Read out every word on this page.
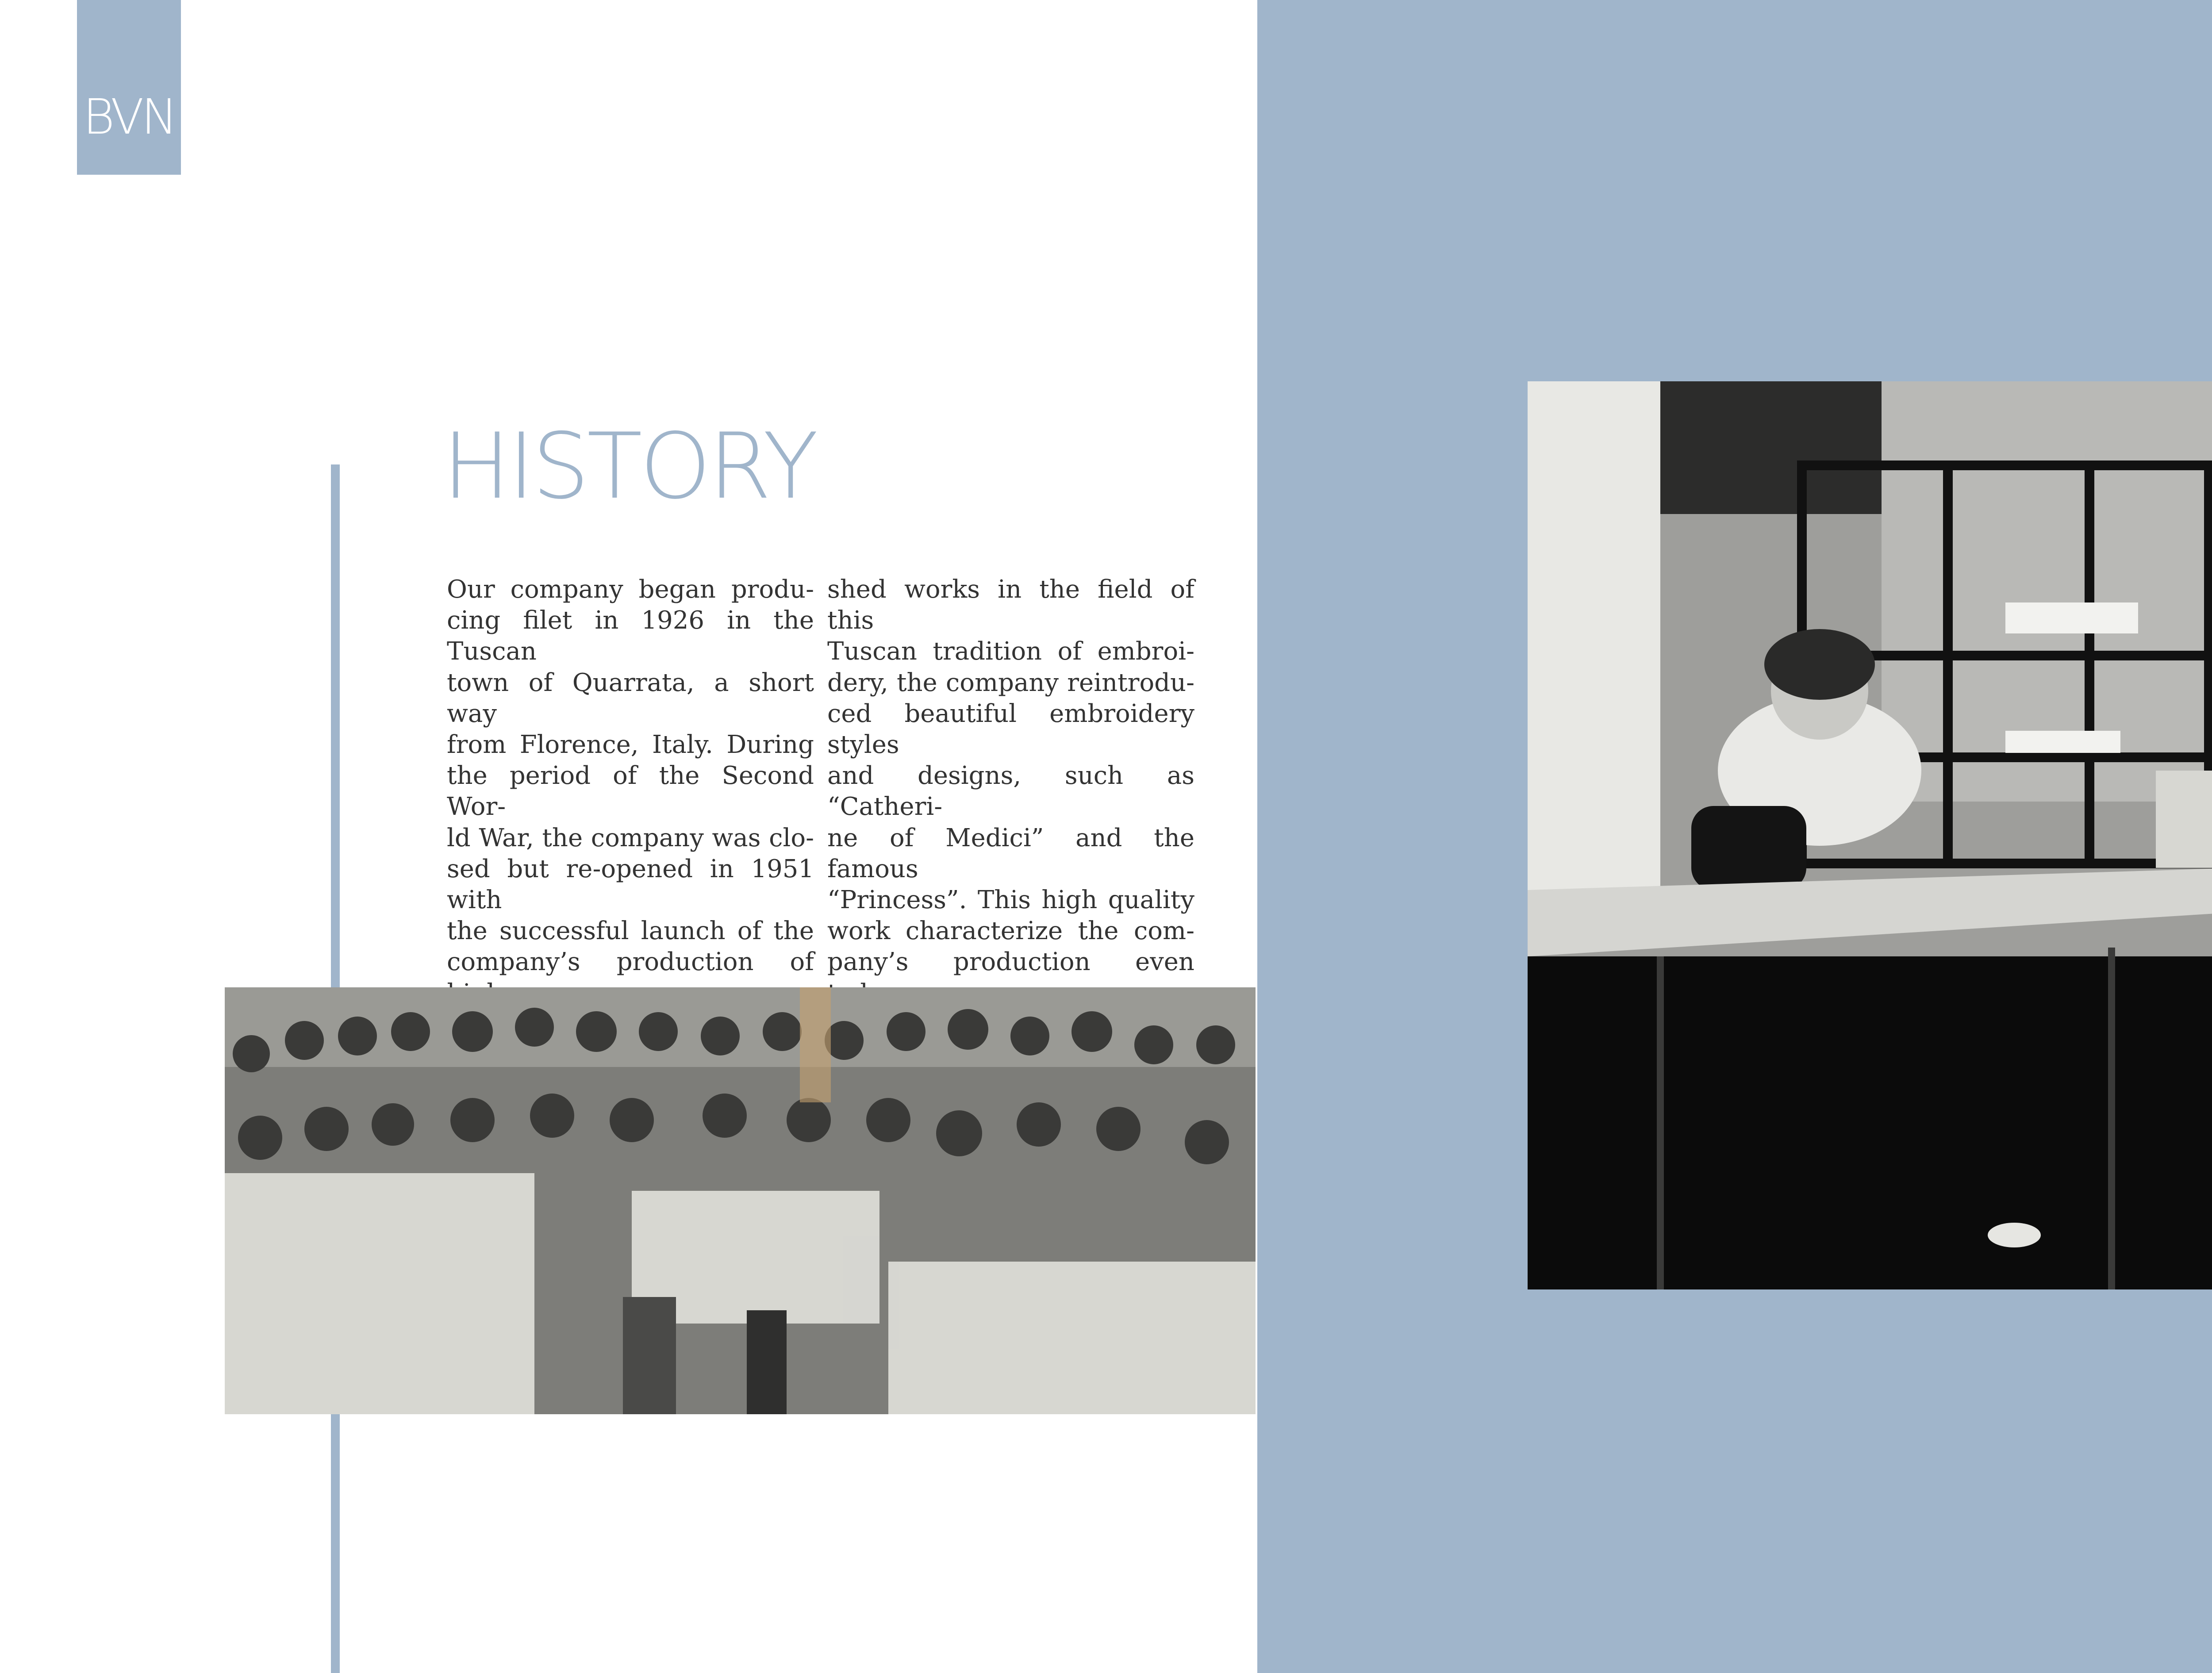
BVN
HISTORY

Our company began produ-

cing filet in 1926 in the Tuscan

town of Quarrata, a short way

from Florence, Italy. During

the period of the Second Wor-

ld War, the company was clo-

sed but re-opened in 1951 with

the successful launch of the

company’s production of

shed works in the field of this

Tuscan tradition of embroi-

dery, the company reintrodu-

ced beautiful embroidery styles

and designs, such as “Catheri-

ne of Medici” and the famous

“Princess”. This high quality

work characterize the com-

pany’s production even
